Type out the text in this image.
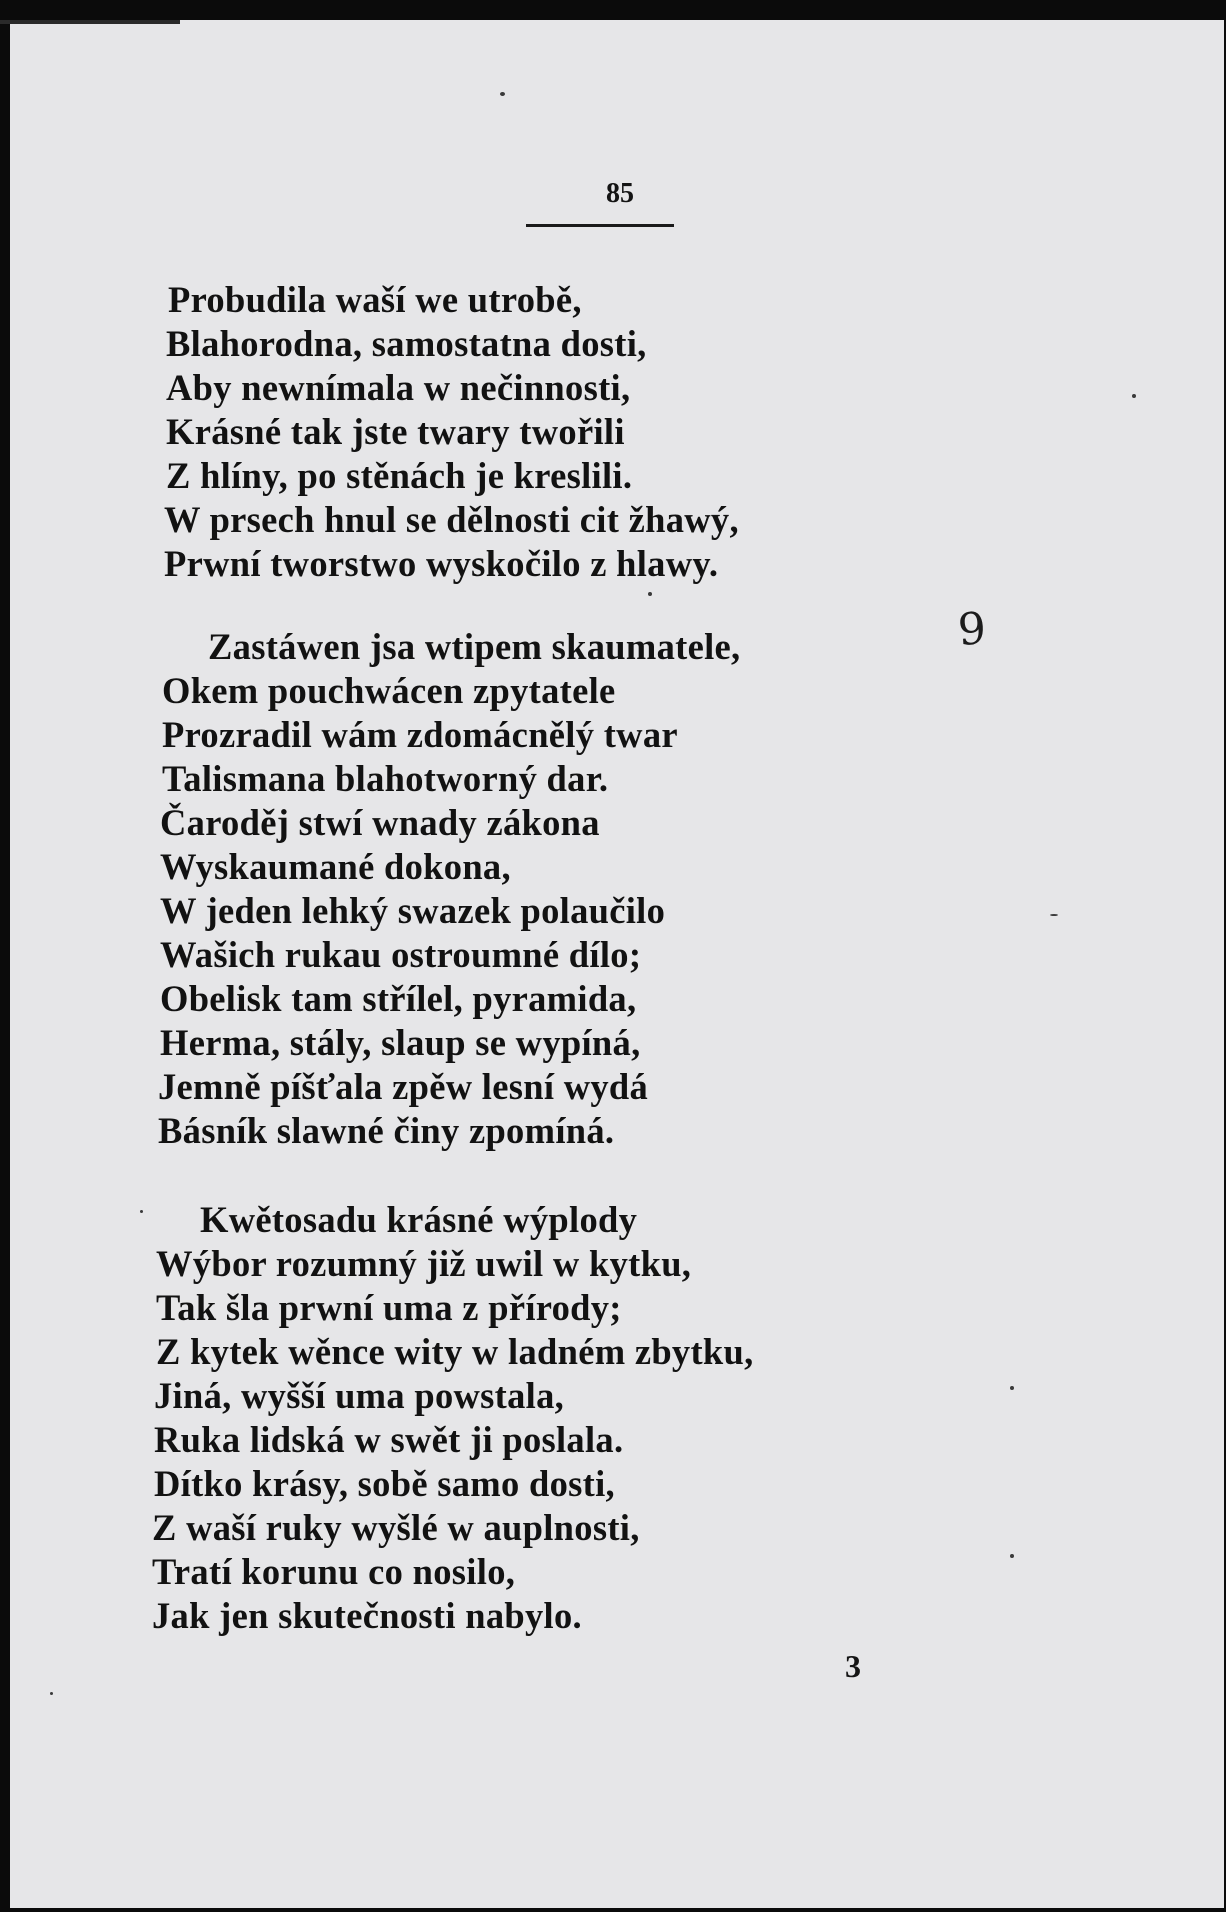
85
Probudila waší we utrobě,
Blahorodna, samostatna dosti,
Aby newnímala w nečinnosti,
Krásné tak jste twary twořili
Z hlíny, po stěnách je kreslili.
W prsech hnul se dělnosti cit žhawý,
Prwní tworstwo wyskočilo z hlawy.
Zastáwen jsa wtipem skaumatele,
Okem pouchwácen zpytatele
Prozradil wám zdomácnělý twar
Talismana blahotworný dar.
Čaroděj stwí wnady zákona
Wyskaumané dokona,
W jeden lehký swazek polaučilo
Wašich rukau ostroumné dílo;
Obelisk tam střílel, pyramida,
Herma, stály, slaup se wypíná,
Jemně píšťala zpěw lesní wydá
Básník slawné činy zpomíná.
Kwětosadu krásné wýplody
Wýbor rozumný již uwil w kytku,
Tak šla prwní uma z přírody;
Z kytek wěnce wity w ladném zbytku,
Jiná, wyšší uma powstala,
Ruka lidská w swět ji poslala.
Dítko krásy, sobě samo dosti,
Z waší ruky wyšlé w auplnosti,
Tratí korunu co nosilo,
Jak jen skutečnosti nabylo.
9
3
